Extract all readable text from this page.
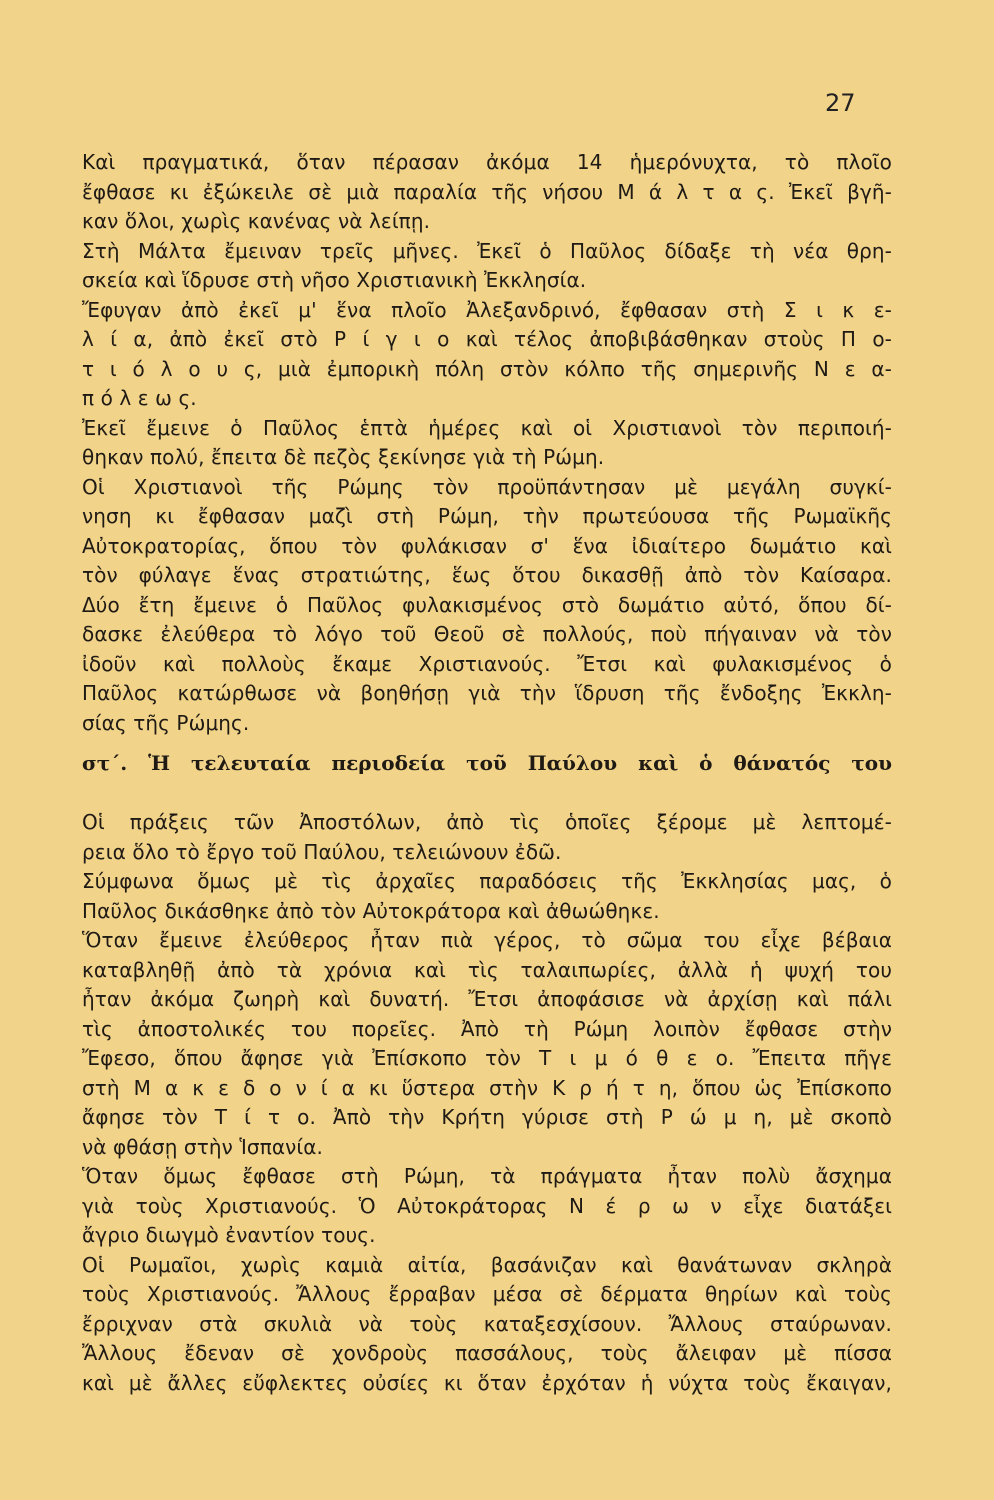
27
Καὶ πραγματικά, ὅταν πέρασαν ἀκόμα 14 ἡμερόνυχτα, τὸ πλοῖο
ἔφθασε κι ἐξώκειλε σὲ μιὰ παραλία τῆς νήσου Μ ά λ τ α ς. Ἐκεῖ βγῆ-
καν ὅλοι, χωρὶς κανένας νὰ λείπῃ.
Στὴ Μάλτα ἔμειναν τρεῖς μῆνες. Ἐκεῖ ὁ Παῦλος δίδαξε τὴ νέα θρη-
σκεία καὶ ἵδρυσε στὴ νῆσο Χριστιανικὴ Ἐκκλησία.
Ἔφυγαν ἀπὸ ἐκεῖ μ' ἕνα πλοῖο Ἀλεξανδρινό, ἔφθασαν στὴ Σ ι κ ε-
λ ί α, ἀπὸ ἐκεῖ στὸ Ρ ί γ ι ο καὶ τέλος ἀποβιβάσθηκαν στοὺς Π ο-
τ ι ό λ ο υ ς, μιὰ ἐμπορικὴ πόλη στὸν κόλπο τῆς σημερινῆς Ν ε α-
π ό λ ε ω ς.
Ἐκεῖ ἔμεινε ὁ Παῦλος ἑπτὰ ἡμέρες καὶ οἱ Χριστιανοὶ τὸν περιποιή-
θηκαν πολύ, ἔπειτα δὲ πεζὸς ξεκίνησε γιὰ τὴ Ρώμη.
Οἱ Χριστιανοὶ τῆς Ρώμης τὸν προϋπάντησαν μὲ μεγάλη συγκί-
νηση κι ἔφθασαν μαζὶ στὴ Ρώμη, τὴν πρωτεύουσα τῆς Ρωμαϊκῆς
Αὐτοκρατορίας, ὅπου τὸν φυλάκισαν σ' ἕνα ἰδιαίτερο δωμάτιο καὶ
τὸν φύλαγε ἕνας στρατιώτης, ἕως ὅτου δικασθῇ ἀπὸ τὸν Καίσαρα.
Δύο ἔτη ἔμεινε ὁ Παῦλος φυλακισμένος στὸ δωμάτιο αὐτό, ὅπου δί-
δασκε ἐλεύθερα τὸ λόγο τοῦ Θεοῦ σὲ πολλούς, ποὺ πήγαιναν νὰ τὸν
ἰδοῦν καὶ πολλοὺς ἔκαμε Χριστιανούς. Ἔτσι καὶ φυλακισμένος ὁ
Παῦλος κατώρθωσε νὰ βοηθήσῃ γιὰ τὴν ἵδρυση τῆς ἔνδοξης Ἐκκλη-
σίας τῆς Ρώμης.
στ΄. Ἡ τελευταία περιοδεία τοῦ Παύλου καὶ ὁ θάνατός του
Οἱ πράξεις τῶν Ἀποστόλων, ἀπὸ τὶς ὁποῖες ξέρομε μὲ λεπτομέ-
ρεια ὅλο τὸ ἔργο τοῦ Παύλου, τελειώνουν ἐδῶ.
Σύμφωνα ὅμως μὲ τὶς ἀρχαῖες παραδόσεις τῆς Ἐκκλησίας μας, ὁ
Παῦλος δικάσθηκε ἀπὸ τὸν Αὐτοκράτορα καὶ ἀθωώθηκε.
Ὅταν ἔμεινε ἐλεύθερος ἦταν πιὰ γέρος, τὸ σῶμα του εἶχε βέβαια
καταβληθῇ ἀπὸ τὰ χρόνια καὶ τὶς ταλαιπωρίες, ἀλλὰ ἡ ψυχή του
ἦταν ἀκόμα ζωηρὴ καὶ δυνατή. Ἔτσι ἀποφάσισε νὰ ἀρχίσῃ καὶ πάλι
τὶς ἀποστολικές του πορεῖες. Ἀπὸ τὴ Ρώμη λοιπὸν ἔφθασε στὴν
Ἔφεσο, ὅπου ἄφησε γιὰ Ἐπίσκοπο τὸν Τ ι μ ό θ ε ο. Ἔπειτα πῆγε
στὴ Μ α κ ε δ ο ν ί α κι ὕστερα στὴν Κ ρ ή τ η, ὅπου ὡς Ἐπίσκοπο
ἄφησε τὸν Τ ί τ ο. Ἀπὸ τὴν Κρήτη γύρισε στὴ Ρ ώ μ η, μὲ σκοπὸ
νὰ φθάσῃ στὴν Ἱσπανία.
Ὅταν ὅμως ἔφθασε στὴ Ρώμη, τὰ πράγματα ἦταν πολὺ ἄσχημα
γιὰ τοὺς Χριστιανούς. Ὁ Αὐτοκράτορας Ν έ ρ ω ν εἶχε διατάξει
ἄγριο διωγμὸ ἐναντίον τους.
Οἱ Ρωμαῖοι, χωρὶς καμιὰ αἰτία, βασάνιζαν καὶ θανάτωναν σκληρὰ
τοὺς Χριστιανούς. Ἄλλους ἔρραβαν μέσα σὲ δέρματα θηρίων καὶ τοὺς
ἔρριχναν στὰ σκυλιὰ νὰ τοὺς καταξεσχίσουν. Ἄλλους σταύρωναν.
Ἄλλους ἔδεναν σὲ χονδροὺς πασσάλους, τοὺς ἄλειφαν μὲ πίσσα
καὶ μὲ ἄλλες εὔφλεκτες οὐσίες κι ὅταν ἐρχόταν ἡ νύχτα τοὺς ἔκαιγαν,
